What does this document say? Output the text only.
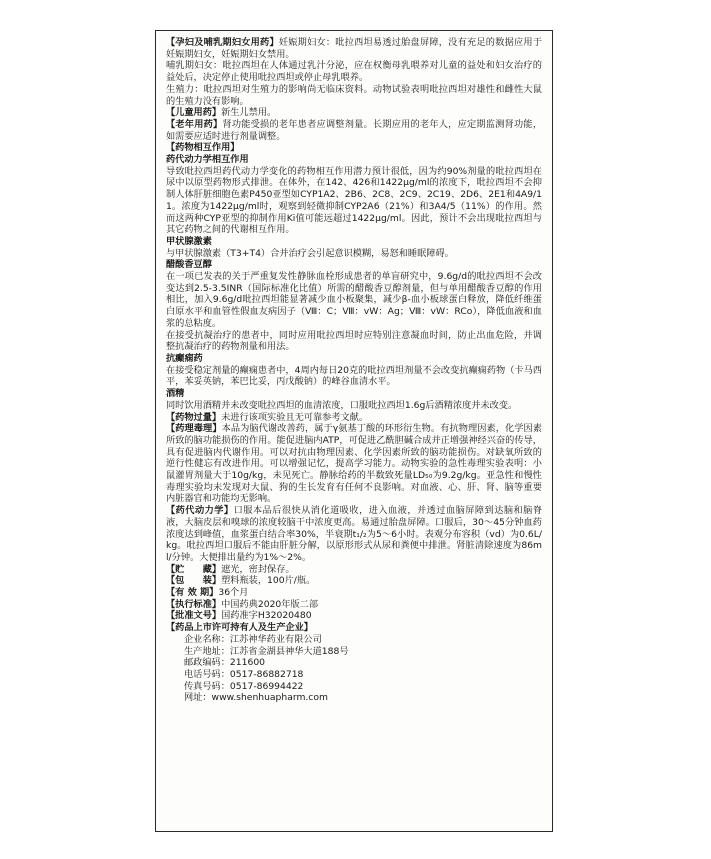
【孕妇及哺乳期妇女用药】妊娠期妇女：吡拉西坦易透过胎盘屏障，没有充足的数据应用于妊娠期妇女，妊娠期妇女禁用。

哺乳期妇女：吡拉西坦在人体通过乳汁分泌，应在权衡母乳喂养对儿童的益处和妇女治疗的益处后，决定停止使用吡拉西坦或停止母乳喂养。

生殖力：吡拉西坦对生殖力的影响尚无临床资料。动物试验表明吡拉西坦对雄性和雌性大鼠的生殖力没有影响。

【儿童用药】新生儿禁用。

【老年用药】肾功能受损的老年患者应调整剂量。长期应用的老年人，应定期监测肾功能，如需要应适时进行剂量调整。

【药物相互作用】

药代动力学相互作用

导致吡拉西坦药代动力学变化的药物相互作用潜力预计很低，因为约90%剂量的吡拉西坦在尿中以原型药物形式排泄。在体外，在142、426和1422μg/ml的浓度下，吡拉西坦不会抑制人体肝脏细胞色素P450亚型如CYP1A2、2B6、2C8、2C9、2C19、2D6、2E1和4A9/11。浓度为1422μg/ml时，观察到轻微抑制CYP2A6（21%）和3A4/5（11%）的作用。然而这两种CYP亚型的抑制作用Ki值可能远超过1422μg/ml。因此，预计不会出现吡拉西坦与其它药物之间的代谢相互作用。

甲状腺激素

与甲状腺激素（T3+T4）合并治疗会引起意识模糊，易怒和睡眠障碍。

醋酸香豆醇

在一项已发表的关于严重复发性静脉血栓形成患者的单盲研究中，9.6g/d的吡拉西坦不会改变达到2.5-3.5INR（国际标准化比值）所需的醋酸香豆醇剂量，但与单用醋酸香豆醇的作用相比，加入9.6g/d吡拉西坦能显著减少血小板聚集，减少β-血小板球蛋白释放，降低纤维蛋白原水平和血管性假血友病因子（Ⅷ：C；Ⅷ：vW：Ag；Ⅷ：vW：RCo），降低血液和血浆的总粘度。

在接受抗凝治疗的患者中，同时应用吡拉西坦时应特别注意凝血时间，防止出血危险，并调整抗凝治疗的药物剂量和用法。

抗癫痫药

在接受稳定剂量的癫痫患者中，4周内每日20克的吡拉西坦剂量不会改变抗癫痫药物（卡马西平，苯妥英钠，苯巴比妥，丙戊酸钠）的峰谷血清水平。

酒精

同时饮用酒精并未改变吡拉西坦的血清浓度，口服吡拉西坦1.6g后酒精浓度并未改变。

【药物过量】未进行该项实验且无可靠参考文献。

【药理毒理】本品为脑代谢改善药，属于γ氨基丁酸的环形衍生物。有抗物理因素，化学因素所致的脑功能损伤的作用。能促进脑内ATP，可促进乙酰胆碱合成并正增强神经兴奋的传导，具有促进脑内代谢作用。可以对抗由物理因素、化学因素所致的脑功能损伤。对缺氧所致的逆行性健忘有改进作用。可以增强记忆，提高学习能力。动物实验的急性毒理实验表明：小鼠灌胃剂量大于10g/kg，未见死亡。静脉给药的半数致死量LD₅₀为9.2g/kg。亚急性和慢性毒理实验均未发现对大鼠、狗的生长发育有任何不良影响。对血液、心、肝、肾、脑等重要内脏器官和功能均无影响。

【药代动力学】口服本品后很快从消化道吸收，进入血液，并透过血脑屏障到达脑和脑脊液，大脑皮层和嗅球的浓度较脑干中浓度更高。易通过胎盘屏障。口服后，30～45分钟血药浓度达到峰值，血浆蛋白结合率30%，半衰期t₁/₂为5～6小时。表观分布容积（vd）为0.6L/kg。吡拉西坦口服后不能由肝脏分解，以原形形式从尿和粪便中排泄。肾脏清除速度为86ml/分钟。大便排出量约为1%～2%。

【贮　　藏】遮光，密封保存。

【包　　装】塑料瓶装，100片/瓶。

【有 效 期】36个月

【执行标准】中国药典2020年版二部

【批准文号】国药准字H32020480

【药品上市许可持有人及生产企业】

企业名称：江苏神华药业有限公司

生产地址：江苏省金湖县神华大道188号

邮政编码：211600

电话号码：0517-86882718

传真号码：0517-86994422

网址：www.shenhuapharm.com
